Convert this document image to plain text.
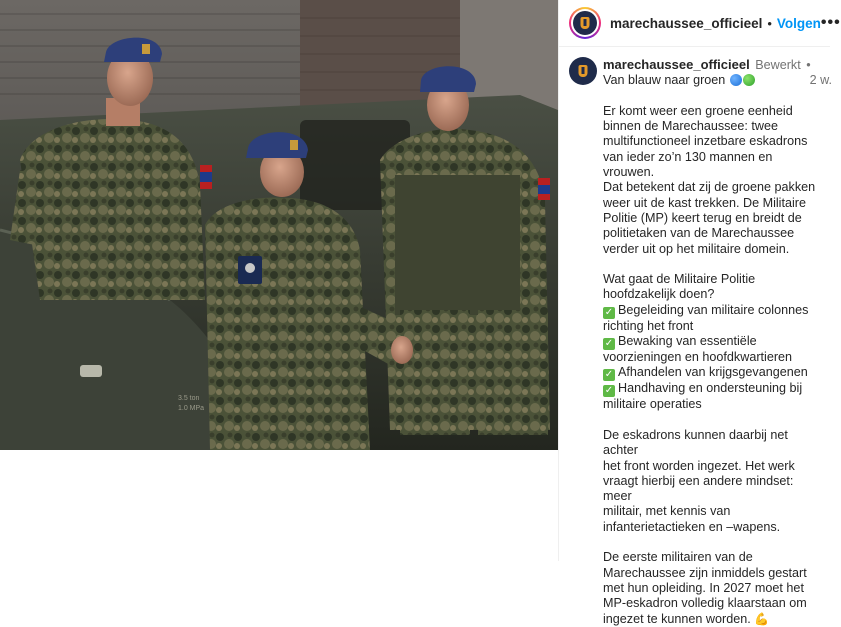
3.5 ton
1.0 MPa
marechaussee_officieel • Volgen •••
marechaussee_officieel Bewerkt •
2 w.
Van blauw naar groen
Er komt weer een groene eenheid
binnen de Marechaussee: twee
multifunctioneel inzetbare eskadrons
van ieder zo’n 130 mannen en vrouwen.
Dat betekent dat zij de groene pakken
weer uit de kast trekken. De Militaire
Politie (MP) keert terug en breidt de
politietaken van de Marechaussee
verder uit op het militaire domein.
Wat gaat de Militaire Politie
hoofdzakelijk doen?
✓ Begeleiding van militaire colonnes
richting het front
✓ Bewaking van essentiële
voorzieningen en hoofdkwartieren
✓ Afhandelen van krijgsgevangenen
✓ Handhaving en ondersteuning bij
militaire operaties
De eskadrons kunnen daarbij net achter
het front worden ingezet. Het werk
vraagt hierbij een andere mindset: meer
militair, met kennis van
infanterietactieken en –wapens.
De eerste militairen van de
Marechaussee zijn inmiddels gestart
met hun opleiding. In 2027 moet het
MP-eskadron volledig klaarstaan om
ingezet te kunnen worden. 💪
